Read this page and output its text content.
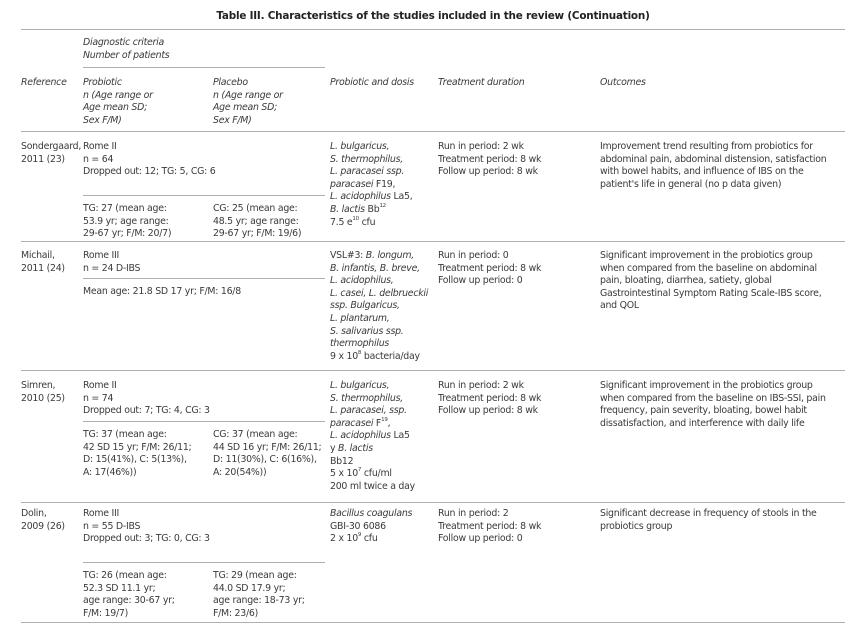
Table III. Characteristics of the studies included in the review (Continuation)
Diagnostic criteria
Number of patients
Reference Probiotic
n (Age range or
Age mean SD;
Sex F/M)
Placebo
n (Age range or
Age mean SD;
Sex F/M)
Probiotic and dosis	Treatment duration	Outcomes
Sondergaard,
2011 (23)
Rome II
n = 64
Dropped out: 12; TG: 5, CG: 6
TG: 27 (mean age:
53.9 yr; age range:
29-67 yr; F/M: 20/7)
CG: 25 (mean age:
48.5 yr; age range:
29-67 yr; F/M: 19/6)
L. bulgaricus,
S. thermophilus,
L. paracasei ssp.
paracasei F19,
L. acidophilus La5,
B. lactis Bb$^{12}$
7.5 $e^{10}$ cfu
Run in period: 2 wk
Treatment period: 8 wk
Follow up period: 8 wk
Improvement trend resulting from probiotics for
abdominal pain, abdominal distension, satisfaction
with bowel habits, and influence of IBS on the
patient's life in general (no p data given)
Michail,
2011 (24)
Rome III
n = 24 D-IBS
Mean age: 21.8 SD 17 yr; F/M: 16/8
VSL#3: B. longum,
B. infantis, B. breve,
L. acidophilus,
L. casei, L. delbrueckii
ssp. Bulgaricus,
L. plantarum,
S. salivarius ssp.
thermophilus
9 x $10^8$ bacteria/day
Run in period: 0
Treatment period: 8 wk
Follow up period: 0
Significant improvement in the probiotics group
when compared from the baseline on abdominal
pain, bloating, diarrhea, satiety, global
Gastrointestinal Symptom Rating Scale-IBS score,
and QOL
Simren,
2010 (25)
Rome II
n = 74
Dropped out: 7; TG: 4, CG: 3
TG: 37 (mean age:
42 SD 15 yr; F/M: 26/11;
D: 15(41%), C: 5(13%),
A: 17(46%))
CG: 37 (mean age:
44 SD 16 yr; F/M: 26/11;
D: 11(30%), C: 6(16%),
A: 20(54%))
L. bulgaricus,
S. thermophilus,
L. paracasei, ssp.
paracasei $F^{19}$,
L. acidophilus La5
y B. lactis
Bb12
5 x $10^7$ cfu/ml
200 ml twice a day
Run in period: 2 wk
Treatment period: 8 wk
Follow up period: 8 wk
Significant improvement in the probiotics group
when compared from the baseline on IBS-SSI, pain
frequency, pain severity, bloating, bowel habit
dissatisfaction, and interference with daily life
Dolin,
2009 (26)
Rome III
n = 55 D-IBS
Dropped out: 3; TG: 0, CG: 3
TG: 26 (mean age:
52.3 SD 11.1 yr;
age range: 30-67 yr;
F/M: 19/7)
TG: 29 (mean age:
44.0 SD 17.9 yr;
age range: 18-73 yr;
F/M: 23/6)
Bacillus coagulans
GBI-30 6086
2 x $10^9$ cfu
Run in period: 2
Treatment period: 8 wk
Follow up period: 0
Significant decrease in frequency of stools in the
probiotics group
